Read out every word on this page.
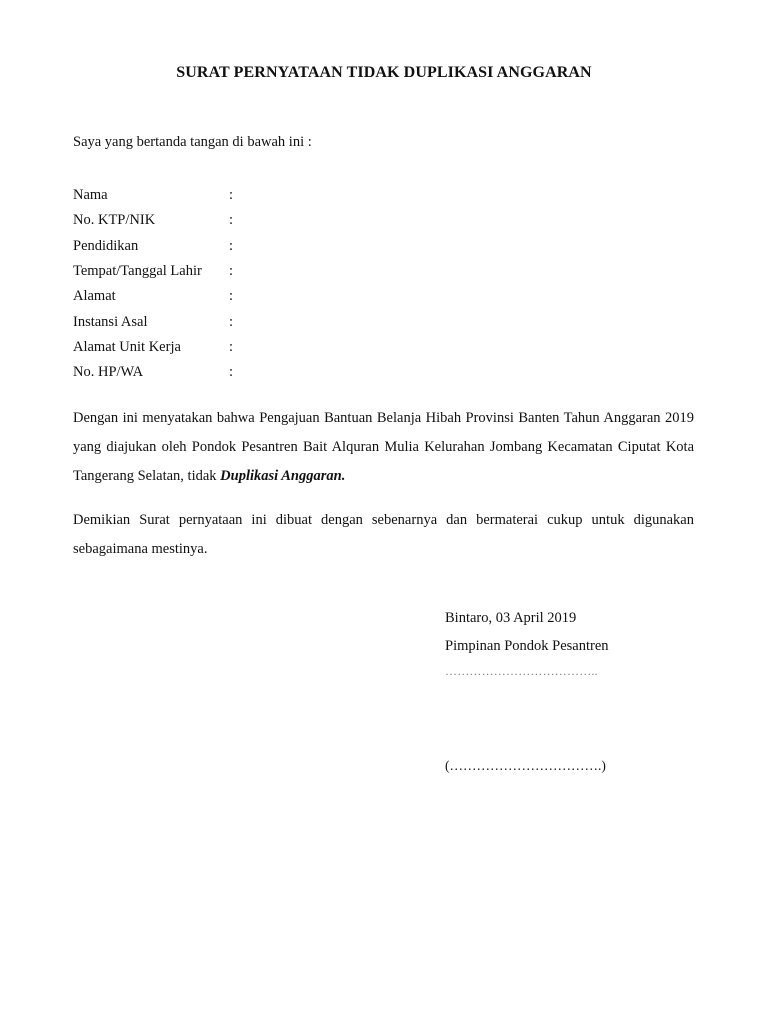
SURAT PERNYATAAN TIDAK DUPLIKASI ANGGARAN
Saya yang bertanda tangan di bawah ini :
Nama	:
No. KTP/NIK	:
Pendidikan	:
Tempat/Tanggal Lahir	:
Alamat	:
Instansi Asal	:
Alamat Unit Kerja	:
No. HP/WA	:
Dengan ini menyatakan bahwa Pengajuan Bantuan Belanja Hibah Provinsi Banten Tahun Anggaran 2019 yang diajukan oleh Pondok Pesantren Bait Alquran Mulia Kelurahan Jombang Kecamatan Ciputat Kota Tangerang Selatan, tidak Duplikasi Anggaran.
Demikian Surat pernyataan ini dibuat dengan sebenarnya dan bermaterai cukup untuk digunakan sebagaimana mestinya.
Bintaro, 03 April 2019
Pimpinan Pondok Pesantren
………………………………..
(…………………………….)
